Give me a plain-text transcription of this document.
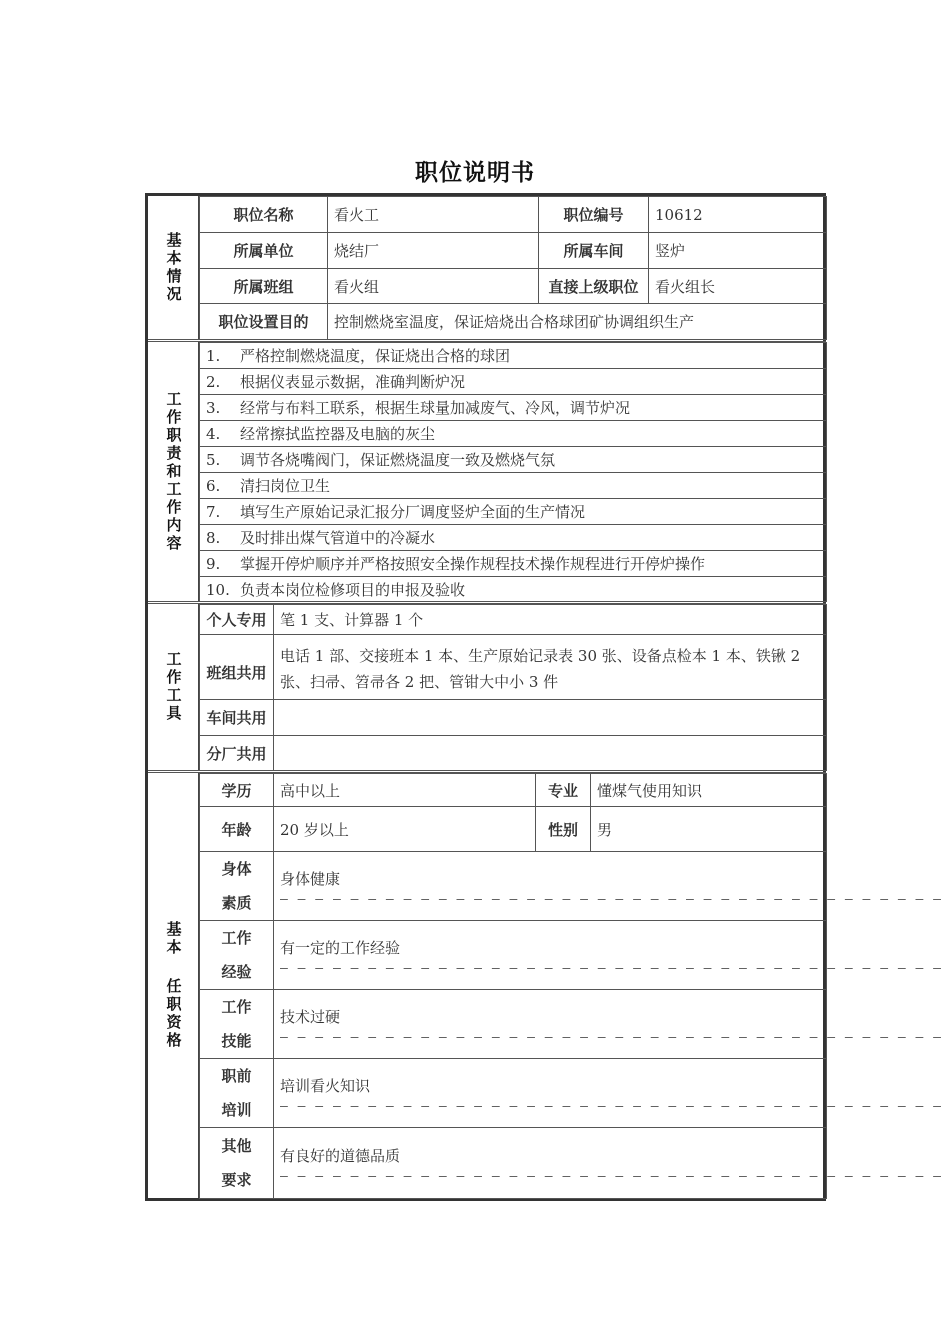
职位说明书
基本情况
职位名称	看火工	职位编号	10612
所属单位	烧结厂	所属车间	竖炉
所属班组	看火组	直接上级职位	看火组长
职位设置目的	控制燃烧室温度，保证焙烧出合格球团矿协调组织生产		
工作职责和工作内容
1. 严格控制燃烧温度，保证烧出合格的球团
2. 根据仪表显示数据，准确判断炉况
3. 经常与布料工联系，根据生球量加减废气、冷风，调节炉况
4. 经常擦拭监控器及电脑的灰尘
5. 调节各烧嘴阀门，保证燃烧温度一致及燃烧气氛
6. 清扫岗位卫生
7. 填写生产原始记录汇报分厂调度竖炉全面的生产情况
8. 及时排出煤气管道中的冷凝水
9. 掌握开停炉顺序并严格按照安全操作规程技术操作规程进行开停炉操作
10. 负责本岗位检修项目的申报及验收
工作工具
个人专用	笔 1 支、计算器 1 个
班组共用	电话 1 部、交接班本 1 本、生产原始记录表 30 张、设备点检本 1 本、铁锹 2 张、扫帚、笤帚各 2 把、管钳大中小 3 件
车间共用	
分厂共用	
基本 任职资格
学历	高中以上	专业	懂煤气使用知识
年龄	20 岁以上	性别	男

身体
素质	身体健康
— — — — — — — — — — — — — — — — — — — — — — — — — — — — — — — — — — — — — —		

工作
经验	有一定的工作经验
— — — — — — — — — — — — — — — — — — — — — — — — — — — — — — — — — — — — — —		

工作
技能	技术过硬
— — — — — — — — — — — — — — — — — — — — — — — — — — — — — — — — — — — — — —		

职前
培训	培训看火知识
— — — — — — — — — — — — — — — — — — — — — — — — — — — — — — — — — — — — — —		

其他
要求	有良好的道德品质
— — — — — — — — — — — — — — — — — — — — — — — — — — — — — — — — — — — — — —		
